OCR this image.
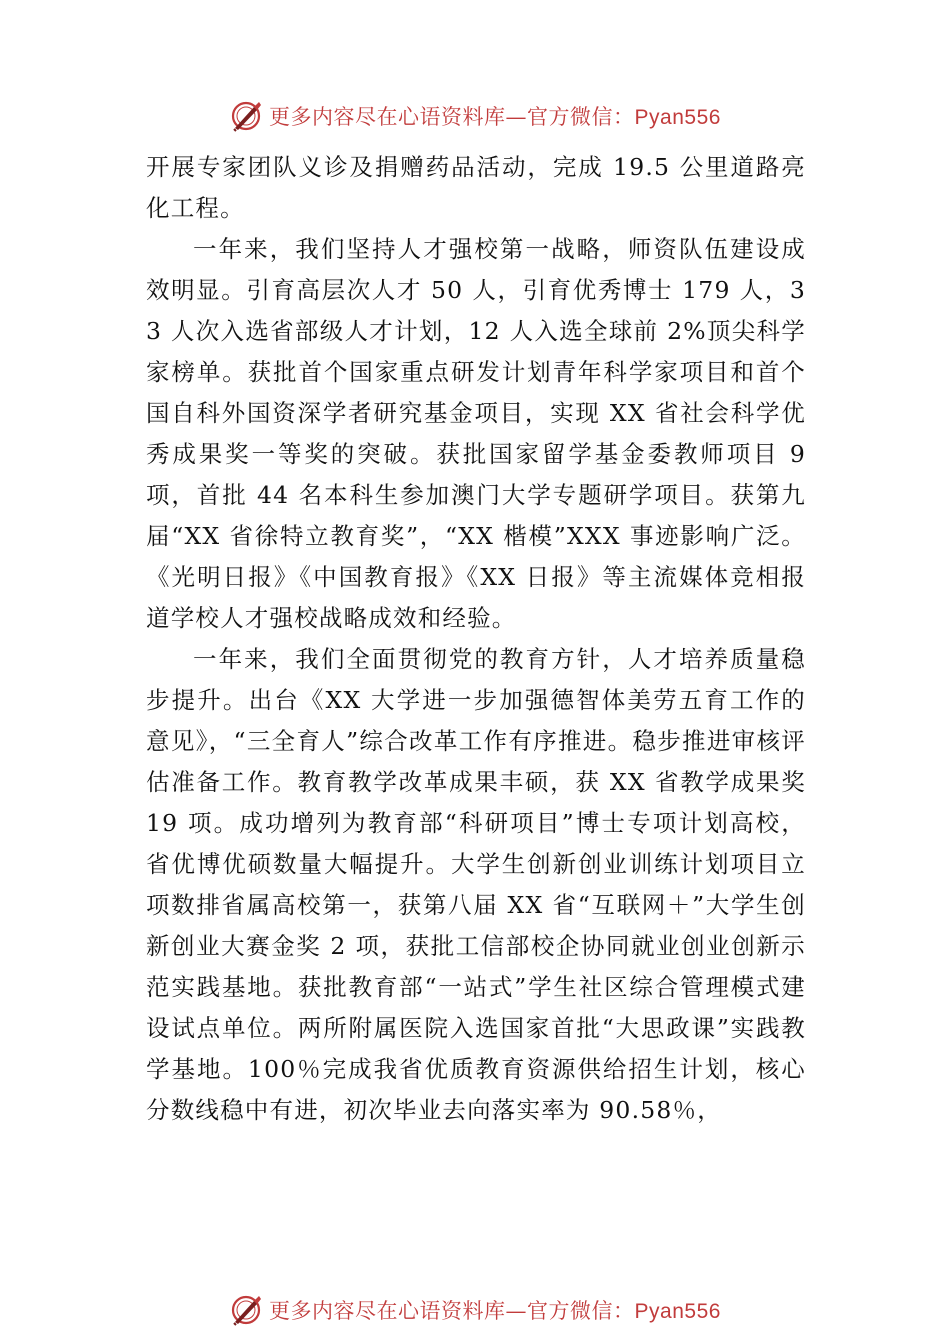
更多内容尽在心语资料库—官方微信：Pyan556

开展专家团队义诊及捐赠药品活动，完成 19.5 公里道路亮化工程。

一年来，我们坚持人才强校第一战略，师资队伍建设成效明显。引育高层次人才 50 人，引育优秀博士 179 人，33 人次入选省部级人才计划，12 人入选全球前 2%顶尖科学家榜单。获批首个国家重点研发计划青年科学家项目和首个国自科外国资深学者研究基金项目，实现 XX 省社会科学优秀成果奖一等奖的突破。获批国家留学基金委教师项目 9 项，首批 44 名本科生参加澳门大学专题研学项目。获第九届“XX 省徐特立教育奖”，“XX 楷模”XXX 事迹影响广泛。《光明日报》《中国教育报》《XX 日报》等主流媒体竞相报道学校人才强校战略成效和经验。

一年来，我们全面贯彻党的教育方针，人才培养质量稳步提升。出台《XX 大学进一步加强德智体美劳五育工作的意见》，“三全育人”综合改革工作有序推进。稳步推进审核评估准备工作。教育教学改革成果丰硕，获 XX 省教学成果奖 19 项。成功增列为教育部“科研项目”博士专项计划高校，省优博优硕数量大幅提升。大学生创新创业训练计划项目立项数排省属高校第一，获第八届 XX 省“互联网＋”大学生创新创业大赛金奖 2 项，获批工信部校企协同就业创业创新示范实践基地。获批教育部“一站式”学生社区综合管理模式建设试点单位。两所附属医院入选国家首批“大思政课”实践教学基地。100％完成我省优质教育资源供给招生计划，核心分数线稳中有进，初次毕业去向落实率为 90.58％，

更多内容尽在心语资料库—官方微信：Pyan556
